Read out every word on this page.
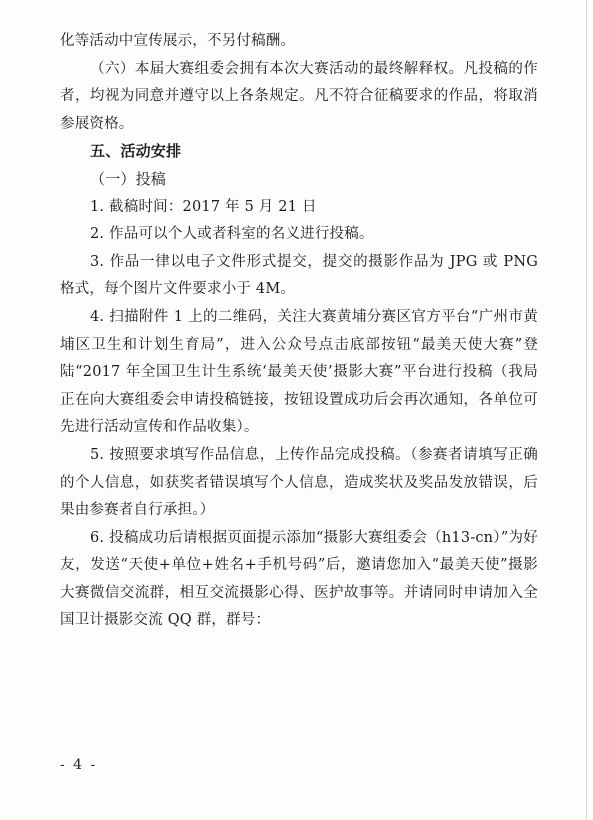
化等活动中宣传展示，不另付稿酬。

（六）本届大赛组委会拥有本次大赛活动的最终解释权。凡投稿的作者，均视为同意并遵守以上各条规定。凡不符合征稿要求的作品，将取消参展资格。

五、活动安排

（一）投稿

1. 截稿时间：2017 年 5 月 21 日

2. 作品可以个人或者科室的名义进行投稿。

3. 作品一律以电子文件形式提交，提交的摄影作品为 JPG 或 PNG 格式，每个图片文件要求小于 4M。

4. 扫描附件 1 上的二维码，关注大赛黄埔分赛区官方平台“广州市黄埔区卫生和计划生育局”，进入公众号点击底部按钮“最美天使大赛”登陆“2017 年全国卫生计生系统‘最美天使’摄影大赛”平台进行投稿（我局正在向大赛组委会申请投稿链接，按钮设置成功后会再次通知，各单位可先进行活动宣传和作品收集）。

5. 按照要求填写作品信息，上传作品完成投稿。（参赛者请填写正确的个人信息，如获奖者错误填写个人信息，造成奖状及奖品发放错误，后果由参赛者自行承担。）

6. 投稿成功后请根据页面提示添加“摄影大赛组委会（h13-cn）”为好友，发送“天使+单位+姓名+手机号码”后，邀请您加入“最美天使”摄影大赛微信交流群，相互交流摄影心得、医护故事等。并请同时申请加入全国卫计摄影交流 QQ 群，群号：

- 4 -
